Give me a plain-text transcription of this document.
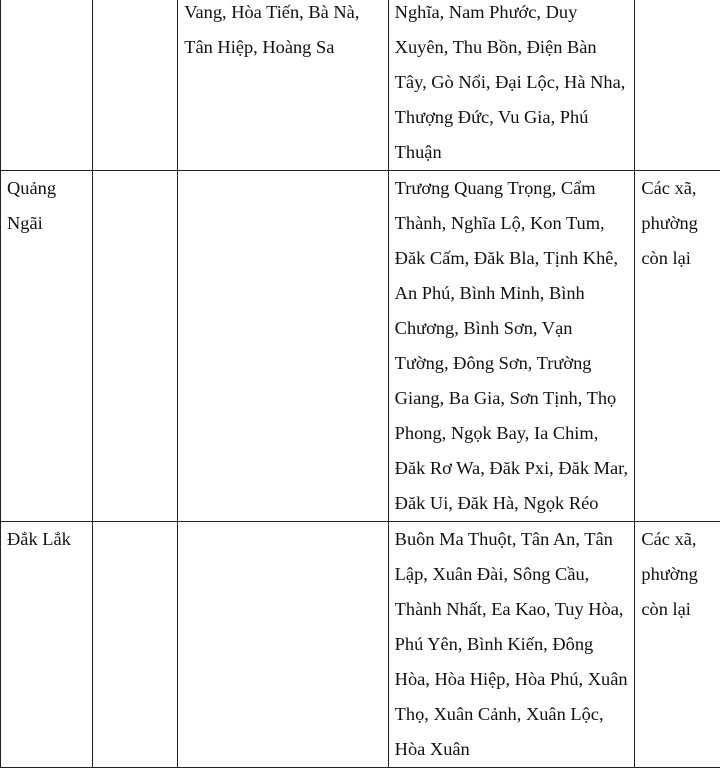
		Vang, Hòa Tiến, Bà Nà, Tân Hiệp, Hoàng Sa	Nghĩa, Nam Phước, Duy Xuyên, Thu Bồn, Điện Bàn Tây, Gò Nổi, Đại Lộc, Hà Nha, Thượng Đức, Vu Gia, Phú Thuận	

Quảng Ngãi			Trương Quang Trọng, Cẩm Thành, Nghĩa Lộ, Kon Tum, Đăk Cấm, Đăk Bla, Tịnh Khê, An Phú, Bình Minh, Bình Chương, Bình Sơn, Vạn Tường, Đông Sơn, Trường Giang, Ba Gia, Sơn Tịnh, Thọ Phong, Ngọk Bay, Ia Chim, Đăk Rơ Wa, Đăk Pxi, Đăk Mar, Đăk Ui, Đăk Hà, Ngọk Réo	Các xã, phường còn lại

Đắk Lắk			Buôn Ma Thuột, Tân An, Tân Lập, Xuân Đài, Sông Cầu, Thành Nhất, Ea Kao, Tuy Hòa, Phú Yên, Bình Kiến, Đông Hòa, Hòa Hiệp, Hòa Phú, Xuân Thọ, Xuân Cảnh, Xuân Lộc, Hòa Xuân	Các xã, phường còn lại
